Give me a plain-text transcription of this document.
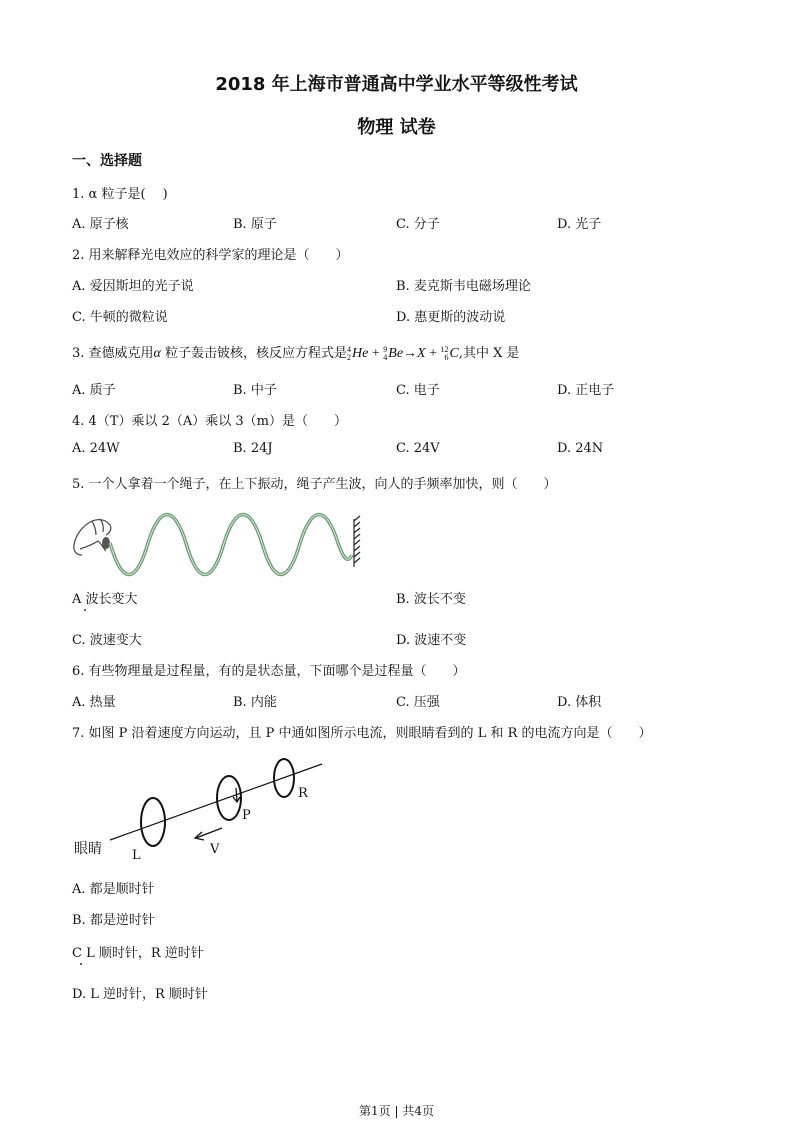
2018 年上海市普通高中学业水平等级性考试
物理 试卷
一、选择题
1. α 粒子是(　 )
A. 原子核	B. 原子	C. 分子	D. 光子
2. 用来解释光电效应的科学家的理论是（　　）
A. 爱因斯坦的光子说	B. 麦克斯韦电磁场理论
C. 牛顿的微粒说	D. 惠更斯的波动说
3. 查德威克用α 粒子轰击铍核，核反应方程式是4
2He + 9
4Be→X + 12
6C,其中 X 是
A. 质子	B. 中子	C. 电子	D. 正电子
4. 4（T）乘以 2（A）乘以 3（m）是（　　）
A. 24W	B. 24J	C. 24V	D. 24N
5. 一个人拿着一个绳子，在上下振动，绳子产生波，向人的手频率加快，则（　　）
A 波长变大	B. 波长不变
C. 波速变大	D. 波速不变
6. 有些物理量是过程量，有的是状态量，下面哪个是过程量（　　）
A. 热量	B. 内能	C. 压强	D. 体积
7. 如图 P 沿着速度方向运动，且 P 中通如图所示电流，则眼睛看到的 L 和 R 的电流方向是（　　）
眼睛 L
P
R
V
A. 都是顺时针
B. 都是逆时针
C L 顺时针，R 逆时针
D. L 逆时针，R 顺时针
第1页 | 共4页
